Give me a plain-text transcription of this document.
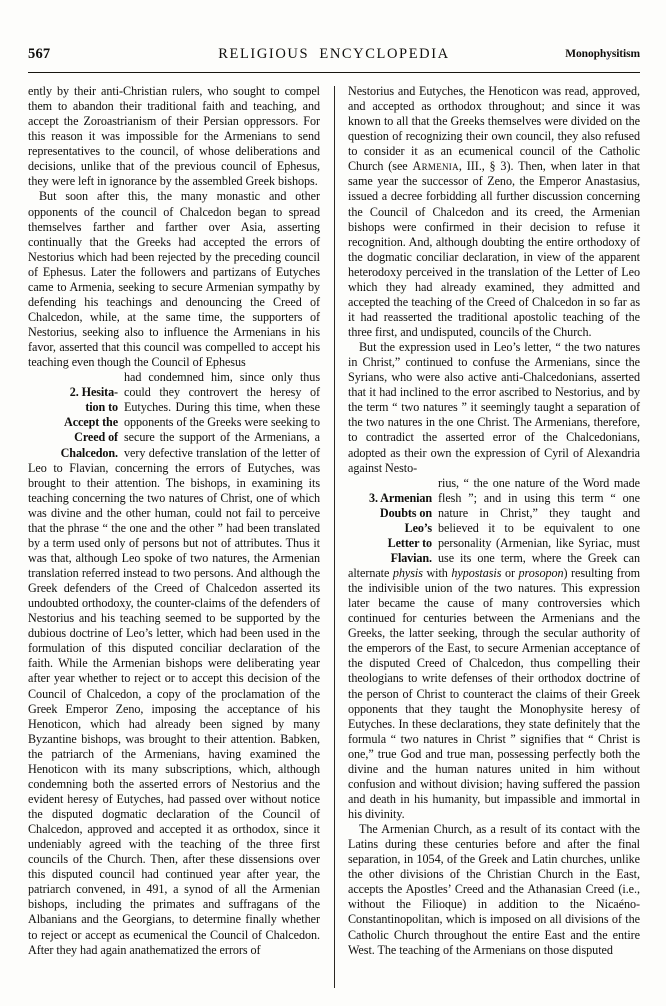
567	RELIGIOUS ENCYCLOPEDIA	Monophysitism

ently by their anti-Christian rulers, who sought to compel them to abandon their traditional faith and teaching, and accept the Zoroastrianism of their Persian oppressors. For this reason it was impossible for the Armenians to send representatives to the council, of whose deliberations and decisions, unlike that of the previous council of Ephesus, they were left in ignorance by the assembled Greek bishops.

But soon after this, the many monastic and other opponents of the council of Chalcedon began to spread themselves farther and farther over Asia, asserting continually that the Greeks had accepted the errors of Nestorius which had been rejected by the preceding council of Ephesus. Later the followers and partizans of Eutyches came to Armenia, seeking to secure Armenian sympathy by defending his teachings and denouncing the Creed of Chalcedon, while, at the same time, the supporters of Nestorius, seeking also to influence the Armenians in his favor, asserted that this council was compelled to accept his teaching even though the Council of Ephesus

2. Hesita-
tion to
Accept the
Creed of
Chalcedon.
had condemned him, since only thus could they controvert the heresy of Eutyches. During this time, when these opponents of the Greeks were seeking to secure the support of the Armenians, a very defective translation of the letter of Leo to Flavian, concerning the errors of Eutyches, was brought to their attention. The bishops, in examining its teaching concerning the two natures of Christ, one of which was divine and the other human, could not fail to perceive that the phrase “ the one and the other ” had been translated by a term used only of persons but not of attributes. Thus it was that, although Leo spoke of two natures, the Armenian translation referred instead to two persons. And although the Greek defenders of the Creed of Chalcedon asserted its undoubted orthodoxy, the counter-claims of the defenders of Nestorius and his teaching seemed to be supported by the dubious doctrine of Leo’s letter, which had been used in the formulation of this disputed conciliar declaration of the faith. While the Armenian bishops were deliberating year after year whether to reject or to accept this decision of the Council of Chalcedon, a copy of the proclamation of the Greek Emperor Zeno, imposing the acceptance of his Henoticon, which had already been signed by many Byzantine bishops, was brought to their attention. Babken, the patriarch of the Armenians, having examined the Henoticon with its many subscriptions, which, although condemning both the asserted errors of Nestorius and the evident heresy of Eutyches, had passed over without notice the disputed dogmatic declaration of the Council of Chalcedon, approved and accepted it as orthodox, since it undeniably agreed with the teaching of the three first councils of the Church. Then, after these dissensions over this disputed council had continued year after year, the patriarch convened, in 491, a synod of all the Armenian bishops, including the primates and suffragans of the Albanians and the Georgians, to determine finally whether to reject or accept as ecumenical the Council of Chalcedon. After they had again anathematized the errors of

Nestorius and Eutyches, the Henoticon was read, approved, and accepted as orthodox throughout; and since it was known to all that the Greeks themselves were divided on the question of recognizing their own council, they also refused to consider it as an ecumenical council of the Catholic Church (see Armenia, III., § 3). Then, when later in that same year the successor of Zeno, the Emperor Anastasius, issued a decree forbidding all further discussion concerning the Council of Chalcedon and its creed, the Armenian bishops were confirmed in their decision to refuse it recognition. And, although doubting the entire orthodoxy of the dogmatic conciliar declaration, in view of the apparent heterodoxy perceived in the translation of the Letter of Leo which they had already examined, they admitted and accepted the teaching of the Creed of Chalcedon in so far as it had reasserted the traditional apostolic teaching of the three first, and undisputed, councils of the Church.

But the expression used in Leo’s letter, “ the two natures in Christ,” continued to confuse the Armenians, since the Syrians, who were also active anti-Chalcedonians, asserted that it had inclined to the error ascribed to Nestorius, and by the term “ two natures ” it seemingly taught a separation of the two natures in the one Christ. The Armenians, therefore, to contradict the asserted error of the Chalcedonians, adopted as their own the expression of Cyril of Alexandria against Nesto-

3. Armenian
Doubts on
Leo’s
Letter to
Flavian.
rius, “ the one nature of the Word made flesh ”; and in using this term “ one nature in Christ,” they taught and believed it to be equivalent to one personality (Armenian, like Syriac, must use its one term, where the Greek can alternate physis with hypostasis or prosopon) resulting from the indivisible union of the two natures. This expression later became the cause of many controversies which continued for centuries between the Armenians and the Greeks, the latter seeking, through the secular authority of the emperors of the East, to secure Armenian acceptance of the disputed Creed of Chalcedon, thus compelling their theologians to write defenses of their orthodox doctrine of the person of Christ to counteract the claims of their Greek opponents that they taught the Monophysite heresy of Eutyches. In these declarations, they state definitely that the formula “ two natures in Christ ” signifies that “ Christ is one,” true God and true man, possessing perfectly both the divine and the human natures united in him without confusion and without division; having suffered the passion and death in his humanity, but impassible and immortal in his divinity.

The Armenian Church, as a result of its contact with the Latins during these centuries before and after the final separation, in 1054, of the Greek and Latin churches, unlike the other divisions of the Christian Church in the East, accepts the Apostles’ Creed and the Athanasian Creed (i.e., without the Filioque) in addition to the Nicaéno-Constantinopolitan, which is imposed on all divisions of the Catholic Church throughout the entire East and the entire West. The teaching of the Armenians on those disputed
